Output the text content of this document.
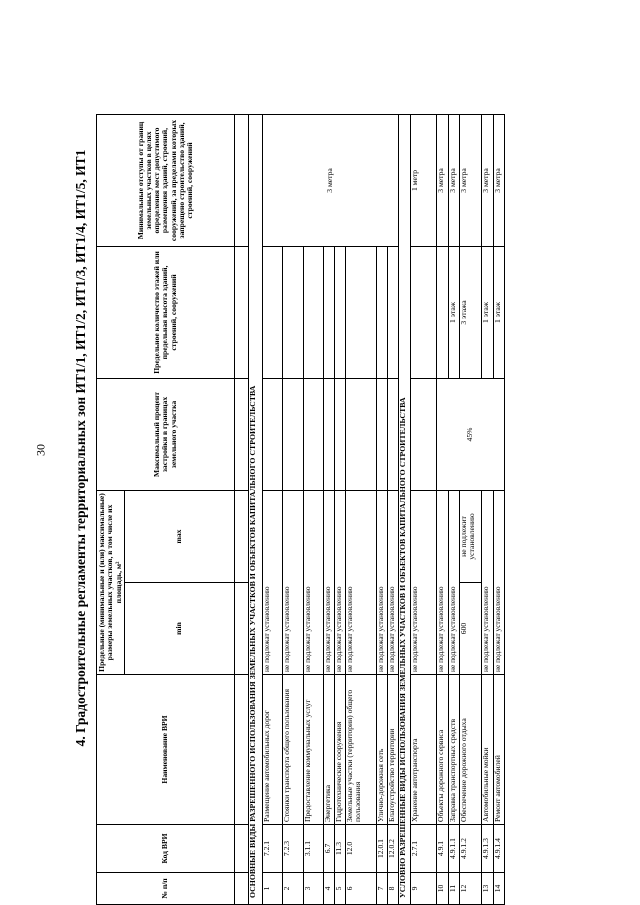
30 4. Градостроительные регламенты территориальных зон ИТ1/1, ИТ1/2, ИТ1/3, ИТ1/4, ИТ1/5, ИТ1
№ п/п	Код ВРИ	Наименование ВРИ	Предельные (минимальные и (или) максимальные) размеры земельных участков, в том числе их площадь, м²		Максимальный процент застройки в границах земельного участка	Предельное количество этажей или предельная высота зданий, строений, сооружений	Минимальные отступы от границ земельных участков в целях определения мест допустимого размещения зданий, строений, сооружений, за пределами которых запрещено строительство зданий, строений, сооружений
			min	max			

ОСНОВНЫЕ ВИДЫ РАЗРЕШЕННОГО ИСПОЛЬЗОВАНИЯ ЗЕМЕЛЬНЫХ УЧАСТКОВ И ОБЪЕКТОВ КАПИТАЛЬНОГО СТРОИТЕЛЬСТВА							
1	7.2.1	Размещение автомобильных дорог	не подлежат установлению				3 метра
2	7.2.3	Стоянки транспорта общего пользования	не подлежат установлению				
3	3.1.1	Предоставление коммунальных услуг	не подлежат установлению				
4	6.7	Энергетика	не подлежат установлению				
5	11.3	Гидротехнические сооружения	не подлежат установлению				
6	12.0	Земельные участки (территории) общего пользования	не подлежат установлению				
7	12.0.1	Улично-дорожная сеть	не подлежат установлению				
8	12.0.2	Благоустройство территории	не подлежат установлению				
УСЛОВНО РАЗРЕШЕННЫЕ ВИДЫ ИСПОЛЬЗОВАНИЯ ЗЕМЕЛЬНЫХ УЧАСТКОВ И ОБЪЕКТОВ КАПИТАЛЬНОГО СТРОИТЕЛЬСТВА							
9	2.7.1	Хранение автотранспорта	не подлежат установлению				1 метр
10	4.9.1	Объекты дорожного сервиса	не подлежат установлению		45%		3 метра
11	4.9.1.1	Заправка транспортных средств	не подлежат установлению			1 этаж	3 метра
12	4.9.1.2	Обеспечение дорожного отдыха	600	не подлежит установлению		3 этажа	3 метра
13	4.9.1.3	Автомобильные мойки	не подлежат установлению			1 этаж	3 метра
14	4.9.1.4	Ремонт автомобилей	не подлежат установлению			1 этаж	3 метра
